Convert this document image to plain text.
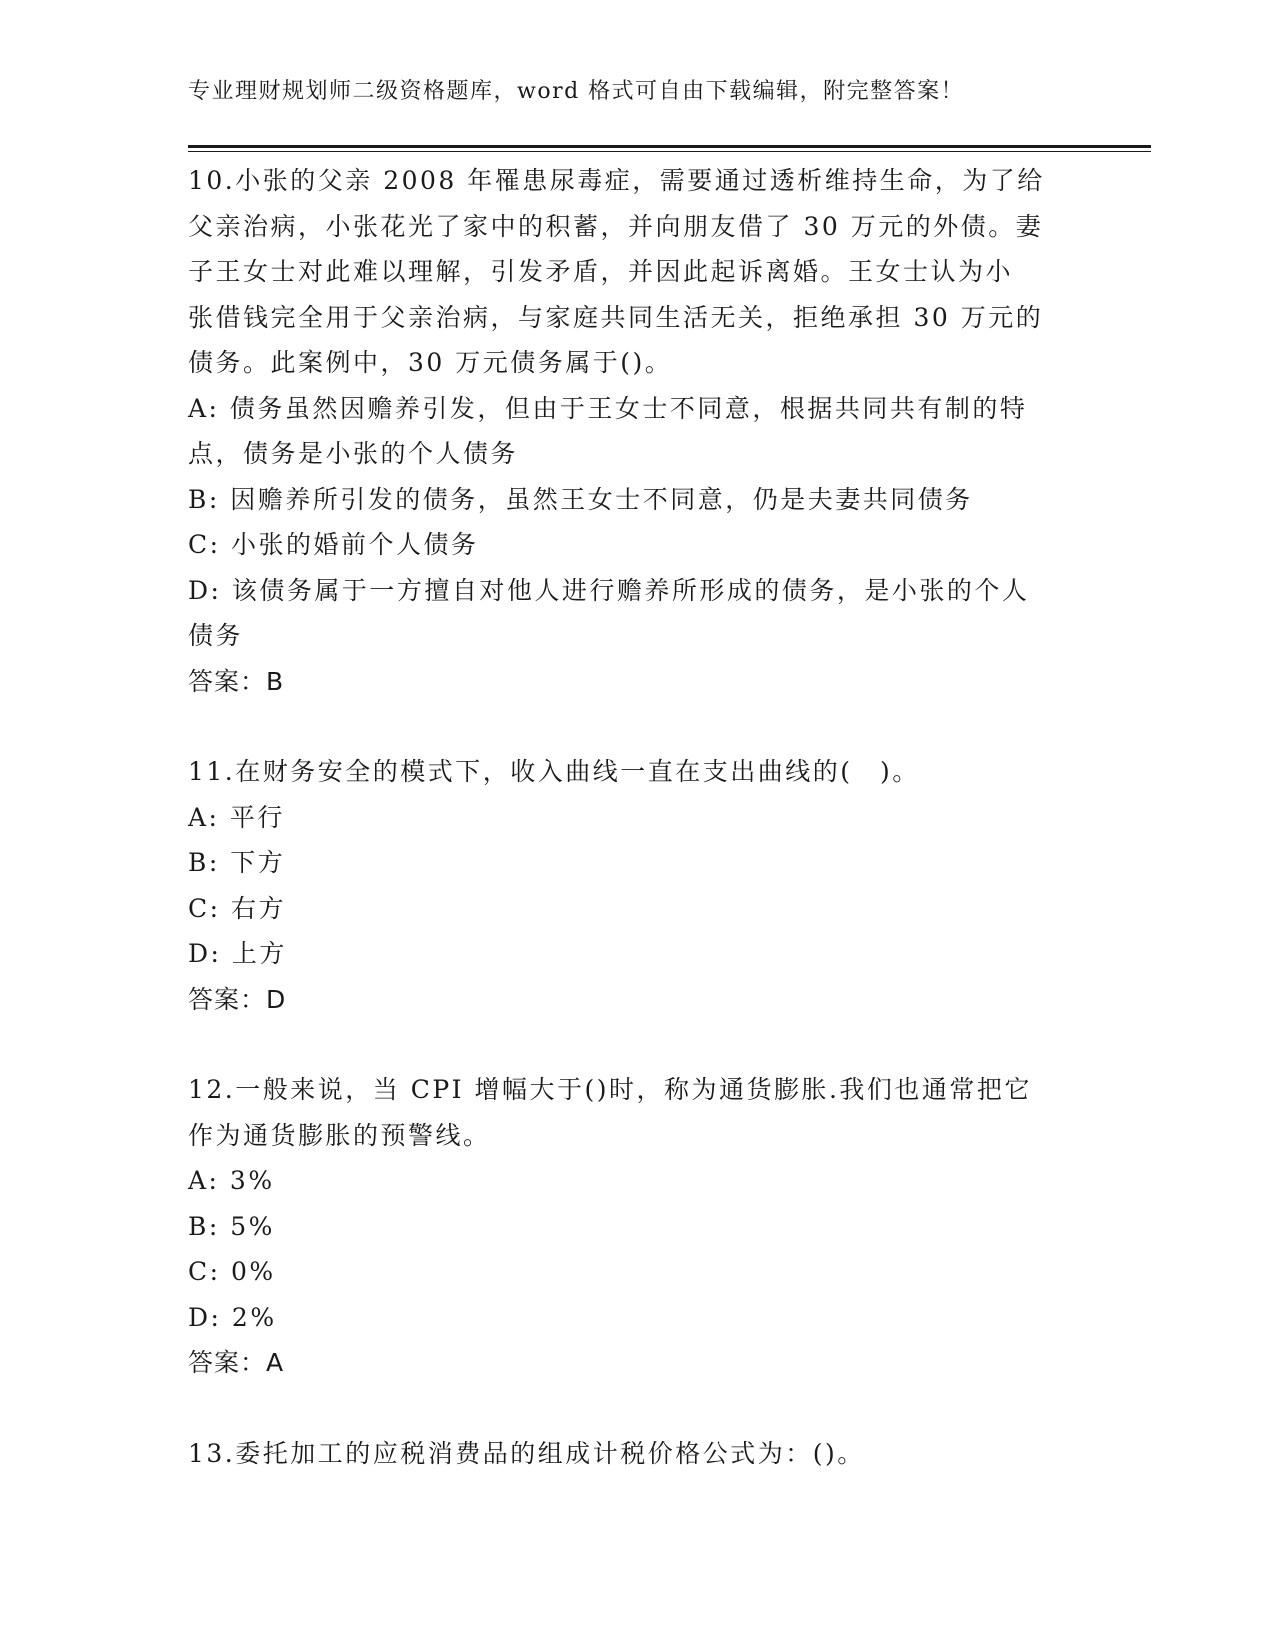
专业理财规划师二级资格题库，word 格式可自由下载编辑，附完整答案！
10.小张的父亲 2008 年罹患尿毒症，需要通过透析维持生命，为了给
父亲治病，小张花光了家中的积蓄，并向朋友借了 30 万元的外债。妻
子王女士对此难以理解，引发矛盾，并因此起诉离婚。王女士认为小
张借钱完全用于父亲治病，与家庭共同生活无关，拒绝承担 30 万元的
债务。此案例中，30 万元债务属于()。
A: 债务虽然因赡养引发，但由于王女士不同意，根据共同共有制的特
点，债务是小张的个人债务
B: 因赡养所引发的债务，虽然王女士不同意，仍是夫妻共同债务
C: 小张的婚前个人债务
D: 该债务属于一方擅自对他人进行赡养所形成的债务，是小张的个人
债务
答案：B
11.在财务安全的模式下，收入曲线一直在支出曲线的(　)。
A: 平行
B: 下方
C: 右方
D: 上方
答案：D
12.一般来说，当 CPI 增幅大于()时，称为通货膨胀.我们也通常把它
作为通货膨胀的预警线。
A: 3%
B: 5%
C: 0%
D: 2%
答案：A
13.委托加工的应税消费品的组成计税价格公式为：()。
